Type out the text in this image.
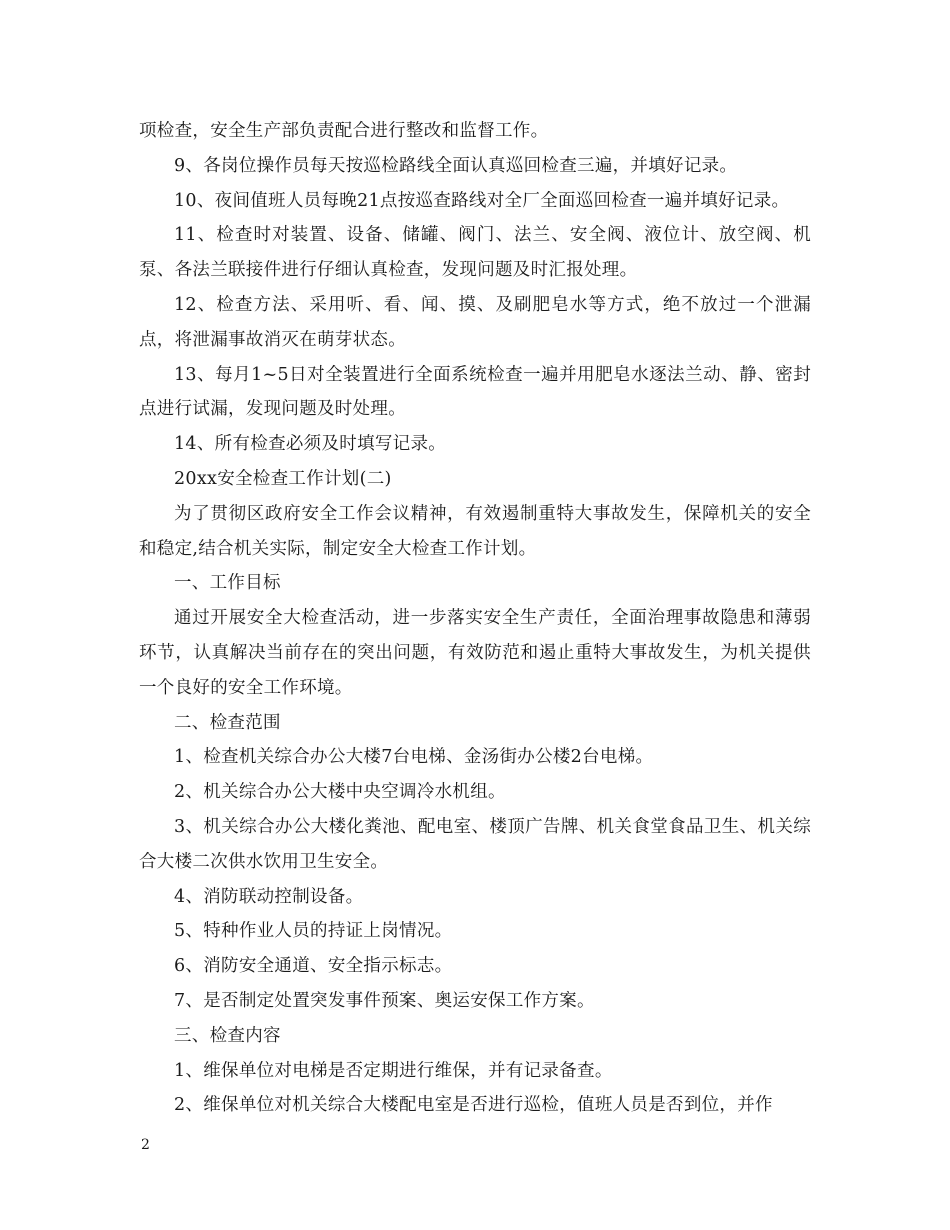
项检查，安全生产部负责配合进行整改和监督工作。

9、各岗位操作员每天按巡检路线全面认真巡回检查三遍，并填好记录。

10、夜间值班人员每晚21点按巡查路线对全厂全面巡回检查一遍并填好记录。

11、检查时对装置、设备、储罐、阀门、法兰、安全阀、液位计、放空阀、机泵、各法兰联接件进行仔细认真检查，发现问题及时汇报处理。

12、检查方法、采用听、看、闻、摸、及刷肥皂水等方式，绝不放过一个泄漏点，将泄漏事故消灭在萌芽状态。

13、每月1~5日对全装置进行全面系统检查一遍并用肥皂水逐法兰动、静、密封点进行试漏，发现问题及时处理。

14、所有检查必须及时填写记录。

20xx安全检查工作计划(二)

为了贯彻区政府安全工作会议精神，有效遏制重特大事故发生，保障机关的安全和稳定,结合机关实际，制定安全大检查工作计划。

一、工作目标

通过开展安全大检查活动，进一步落实安全生产责任，全面治理事故隐患和薄弱环节，认真解决当前存在的突出问题，有效防范和遏止重特大事故发生，为机关提供一个良好的安全工作环境。

二、检查范围

1、检查机关综合办公大楼7台电梯、金汤街办公楼2台电梯。

2、机关综合办公大楼中央空调冷水机组。

3、机关综合办公大楼化粪池、配电室、楼顶广告牌、机关食堂食品卫生、机关综合大楼二次供水饮用卫生安全。

4、消防联动控制设备。

5、特种作业人员的持证上岗情况。

6、消防安全通道、安全指示标志。

7、是否制定处置突发事件预案、奥运安保工作方案。

三、检查内容

1、维保单位对电梯是否定期进行维保，并有记录备查。

2、维保单位对机关综合大楼配电室是否进行巡检，值班人员是否到位，并作

2
